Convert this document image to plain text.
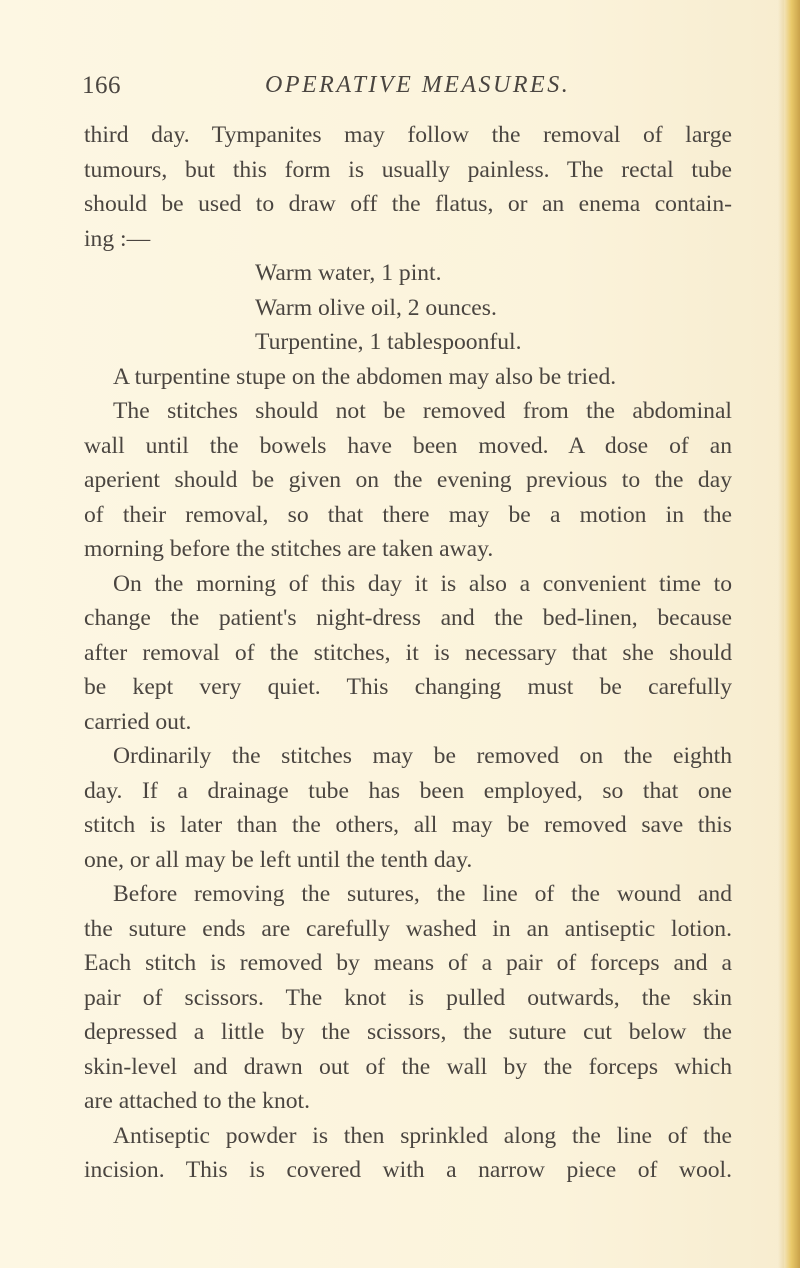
166	OPERATIVE MEASURES.
third day. Tympanites may follow the removal of large
tumours, but this form is usually painless. The rectal tube
should be used to draw off the flatus, or an enema contain-
ing :—
Warm water, 1 pint.
Warm olive oil, 2 ounces.
Turpentine, 1 tablespoonful.
A turpentine stupe on the abdomen may also be tried.
The stitches should not be removed from the abdominal
wall until the bowels have been moved. A dose of an
aperient should be given on the evening previous to the day
of their removal, so that there may be a motion in the
morning before the stitches are taken away.
On the morning of this day it is also a convenient time to
change the patient's night-dress and the bed-linen, because
after removal of the stitches, it is necessary that she should
be kept very quiet. This changing must be carefully
carried out.
Ordinarily the stitches may be removed on the eighth
day. If a drainage tube has been employed, so that one
stitch is later than the others, all may be removed save this
one, or all may be left until the tenth day.
Before removing the sutures, the line of the wound and
the suture ends are carefully washed in an antiseptic lotion.
Each stitch is removed by means of a pair of forceps and a
pair of scissors. The knot is pulled outwards, the skin
depressed a little by the scissors, the suture cut below the
skin-level and drawn out of the wall by the forceps which
are attached to the knot.
Antiseptic powder is then sprinkled along the line of the
incision. This is covered with a narrow piece of wool.
